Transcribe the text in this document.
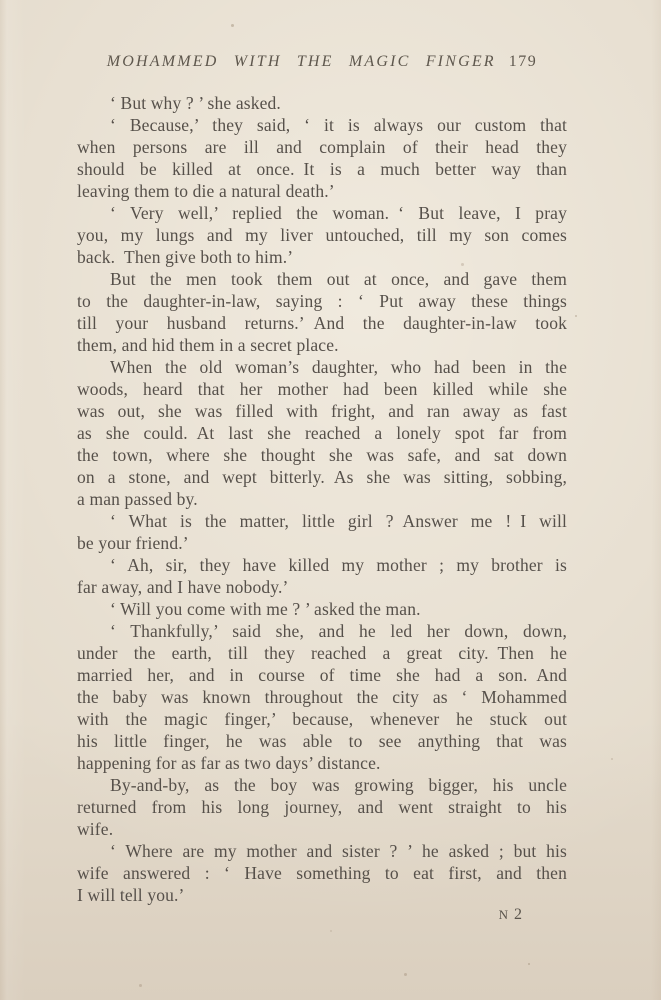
MOHAMMED WITH THE MAGIC FINGER 179
‘ But why ? ’ she asked.
‘ Because,’ they said, ‘ it is always our custom that
when persons are ill and complain of their head they
should be killed at once. It is a much better way than
leaving them to die a natural death.’
‘ Very well,’ replied the woman. ‘ But leave, I pray
you, my lungs and my liver untouched, till my son comes
back. Then give both to him.’
But the men took them out at once, and gave them
to the daughter-in-law, saying : ‘ Put away these things
till your husband returns.’ And the daughter-in-law took
them, and hid them in a secret place.
When the old woman’s daughter, who had been in the
woods, heard that her mother had been killed while she
was out, she was filled with fright, and ran away as fast
as she could. At last she reached a lonely spot far from
the town, where she thought she was safe, and sat down
on a stone, and wept bitterly. As she was sitting, sobbing,
a man passed by.
‘ What is the matter, little girl ? Answer me ! I will
be your friend.’
‘ Ah, sir, they have killed my mother ; my brother is
far away, and I have nobody.’
‘ Will you come with me ? ’ asked the man.
‘ Thankfully,’ said she, and he led her down, down,
under the earth, till they reached a great city. Then he
married her, and in course of time she had a son. And
the baby was known throughout the city as ‘ Mohammed
with the magic finger,’ because, whenever he stuck out
his little finger, he was able to see anything that was
happening for as far as two days’ distance.
By-and-by, as the boy was growing bigger, his uncle
returned from his long journey, and went straight to his
wife.
‘ Where are my mother and sister ? ’ he asked ; but his
wife answered : ‘ Have something to eat first, and then
I will tell you.’
N 2
